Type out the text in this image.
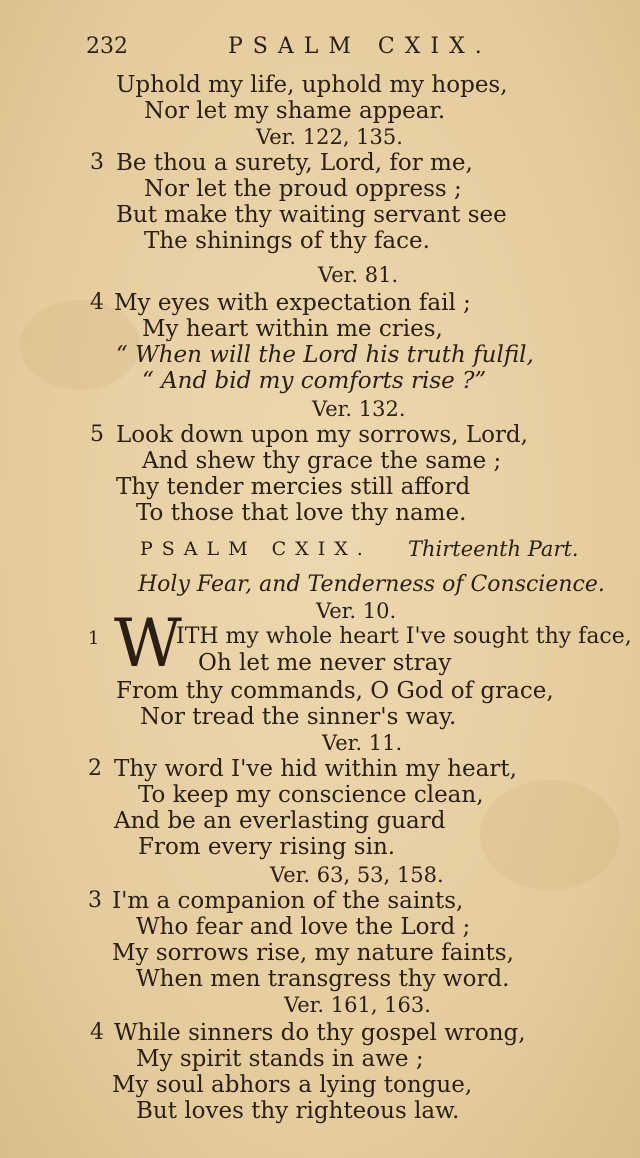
232	PSALM CXIX.
Uphold my life, uphold my hopes,
Nor let my shame appear.
Ver. 122, 135.
3 Be thou a surety, Lord, for me,
Nor let the proud oppress ;
But make thy waiting servant see
The shinings of thy face.
Ver. 81.
4 My eyes with expectation fail ;
My heart within me cries,
“ When will the Lord his truth fulfil,
“ And bid my comforts rise ?”
Ver. 132.
5 Look down upon my sorrows, Lord,
And shew thy grace the same ;
Thy tender mercies still afford
To those that love thy name.
PSALM CXIX. Thirteenth Part.
Holy Fear, and Tenderness of Conscience.
Ver. 10.
1 W
ITH my whole heart I've sought thy face,
Oh let me never stray
From thy commands, O God of grace,
Nor tread the sinner's way.
Ver. 11.
2 Thy word I've hid within my heart,
To keep my conscience clean,
And be an everlasting guard
From every rising sin.
Ver. 63, 53, 158.
3 I'm a companion of the saints,
Who fear and love the Lord ;
My sorrows rise, my nature faints,
When men transgress thy word.
Ver. 161, 163.
4 While sinners do thy gospel wrong,
My spirit stands in awe ;
My soul abhors a lying tongue,
But loves thy righteous law.
